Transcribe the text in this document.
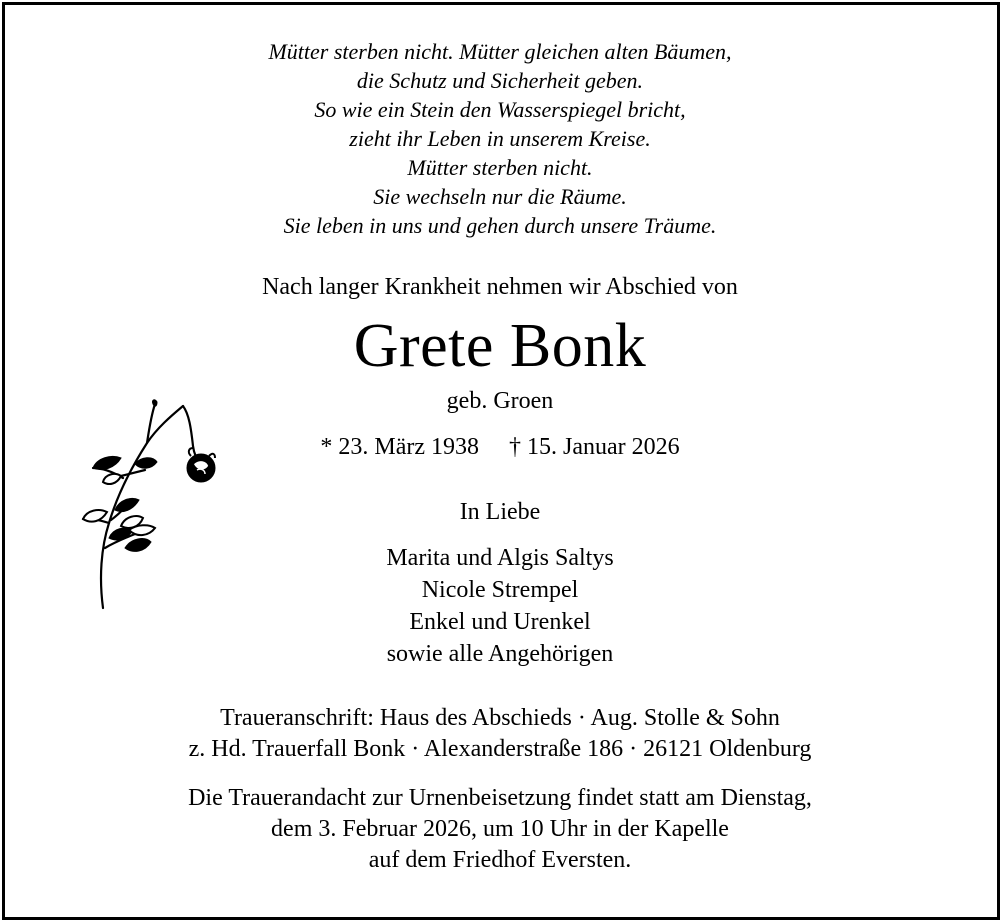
Mütter sterben nicht. Mütter gleichen alten Bäumen,
die Schutz und Sicherheit geben.
So wie ein Stein den Wasserspiegel bricht,
zieht ihr Leben in unserem Kreise.
Mütter sterben nicht.
Sie wechseln nur die Räume.
Sie leben in uns und gehen durch unsere Träume.
Nach langer Krankheit nehmen wir Abschied von
Grete Bonk
geb. Groen
* 23. März 1938 † 15. Januar 2026
In Liebe
Marita und Algis Saltys
Nicole Strempel
Enkel und Urenkel
sowie alle Angehörigen
Traueranschrift: Haus des Abschieds · Aug. Stolle & Sohn
z. Hd. Trauerfall Bonk · Alexanderstraße 186 · 26121 Oldenburg
Die Trauerandacht zur Urnenbeisetzung findet statt am Dienstag,
dem 3. Februar 2026, um 10 Uhr in der Kapelle
auf dem Friedhof Eversten.
